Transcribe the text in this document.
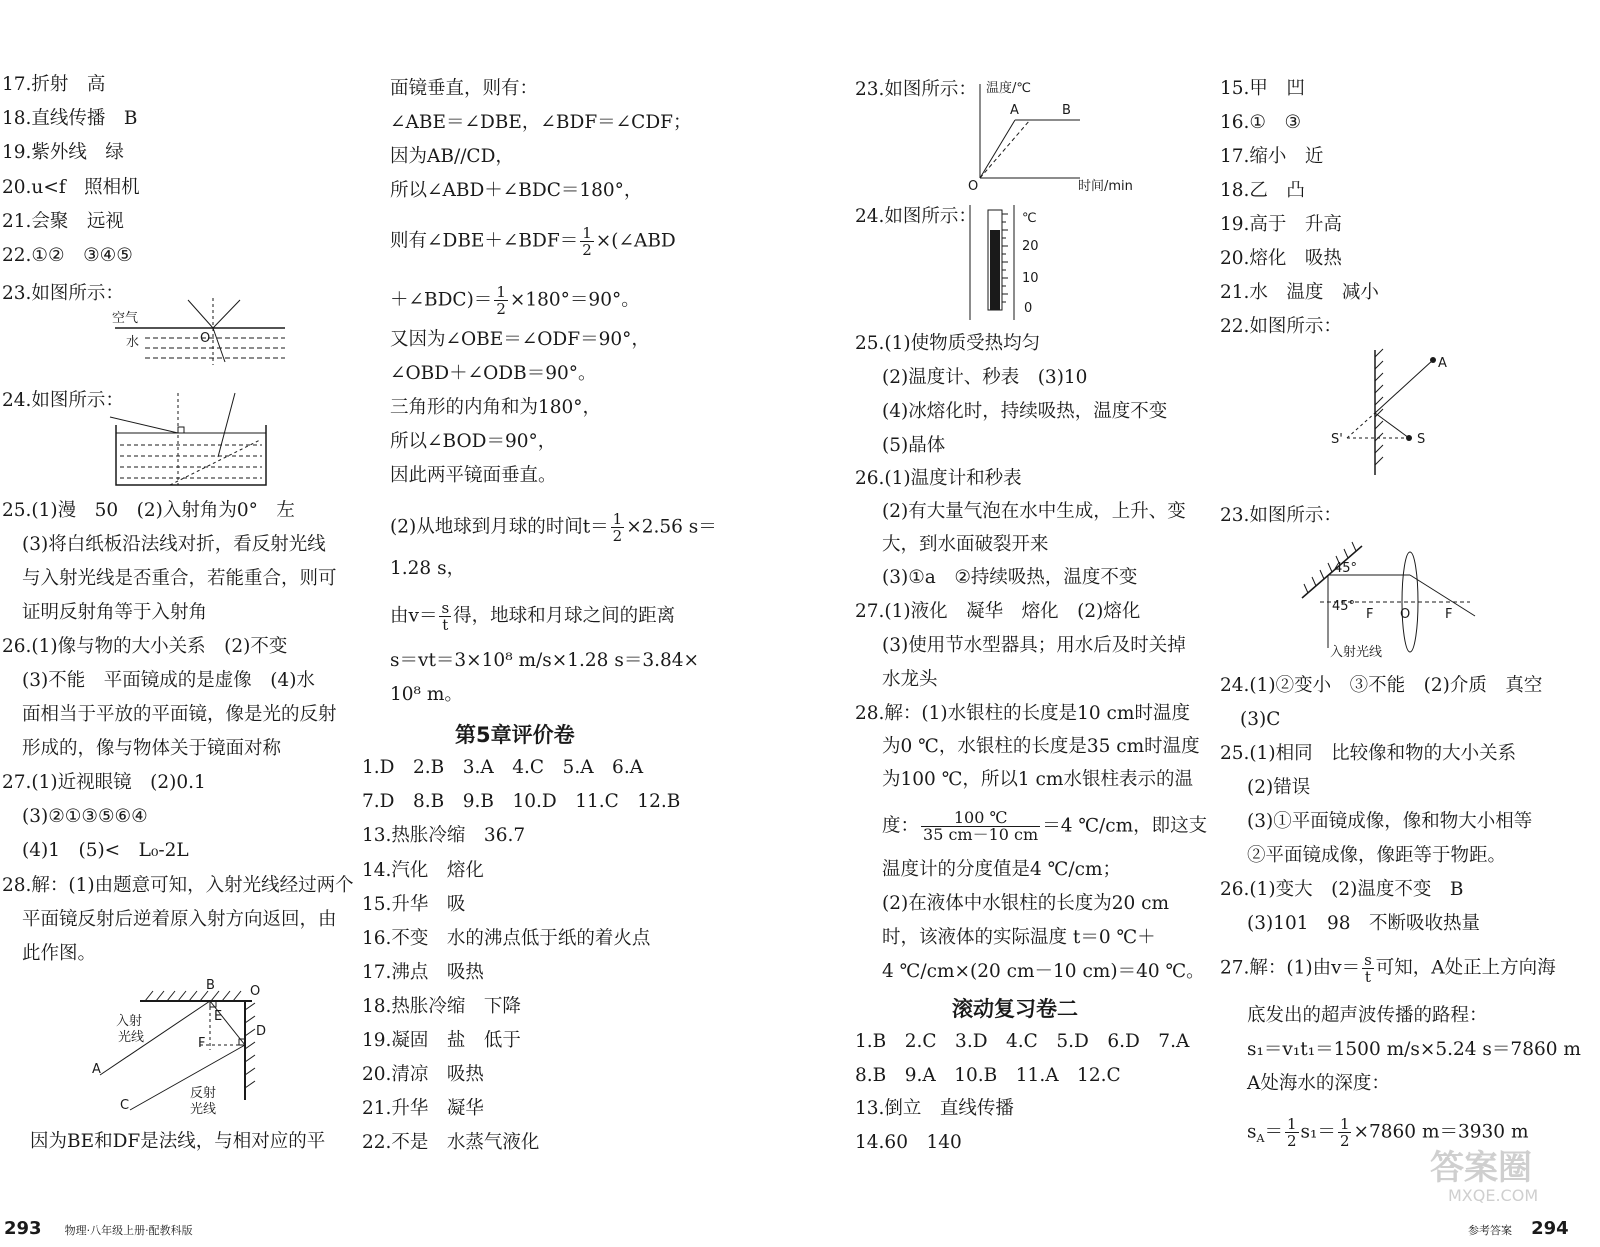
17.折射　高
18.直线传播　B
19.紫外线　绿
20.u<f　照相机
21.会聚　远视
22.①②　③④⑤
23.如图所示：
空气
水	O
24.如图所示：
25.(1)漫　50　(2)入射角为0°　左
(3)将白纸板沿法线对折，看反射光线
与入射光线是否重合，若能重合，则可
证明反射角等于入射角
26.(1)像与物的大小关系　(2)不变
(3)不能　平面镜成的是虚像　(4)水
面相当于平放的平面镜，像是光的反射
形成的，像与物体关于镜面对称
27.(1)近视眼镜　(2)0.1
(3)②①③⑤⑥④
(4)1　(5)<　L₀-2L
28.解：(1)由题意可知，入射光线经过两个
平面镜反射后逆着原入射方向返回，由
此作图。
B	O
E
D
F
A
C
入射
光线
反射
光线
因为BE和DF是法线，与相对应的平
面镜垂直，则有：
∠ABE＝∠DBE，∠BDF＝∠CDF；
因为AB//CD，
所以∠ABD＋∠BDC＝180°，
则有∠DBE＋∠BDF＝ $\frac{1}{2}$ ×(∠ABD
＋∠BDC)＝ $\frac{1}{2} \times 180^\circ=90^\circ$。
又因为∠OBE＝∠ODF＝90°，
∠OBD＋∠ODB＝90°。
三角形的内角和为180°，
所以∠BOD＝90°，
因此两平镜面垂直。
(2)从地球到月球的时间$t= \frac{1}{2} \times 2.56$ s＝
1.28 s，
由$v= \frac{s}{t}$ 得，地球和月球之间的距离
s＝vt＝3×10⁸ m/s×1.28 s＝3.84×
10⁸ m。
第5章评价卷
1.D　2.B　3.A　4.C　5.A　6.A
7.D　8.B　9.B　10.D　11.C　12.B
13.热胀冷缩　36.7
14.汽化　熔化
15.升华　吸
16.不变　水的沸点低于纸的着火点
17.沸点　吸热
18.热胀冷缩　下降
19.凝固　盐　低于
20.清凉　吸热
21.升华　凝华
22.不是　水蒸气液化
23.如图所示： 温度/℃
A	B
O	时间/min
24.如图所示：	℃
20
10
0
25.(1)使物质受热均匀
(2)温度计、秒表　(3)10
(4)冰熔化时，持续吸热，温度不变
(5)晶体
26.(1)温度计和秒表
(2)有大量气泡在水中生成，上升、变
大，到水面破裂开来
(3)①a　②持续吸热，温度不变
27.(1)液化　凝华　熔化　(2)熔化
(3)使用节水型器具；用水后及时关掉
水龙头
28.解：(1)水银柱的长度是10 cm时温度
为0 ℃，水银柱的长度是35 cm时温度
为100 ℃，所以1 cm水银柱表示的温
度： $\frac{100 ℃}{35 cm-10 cm} =4$ ℃/cm，即这支
温度计的分度值是4 ℃/cm；
(2)在液体中水银柱的长度为20 cm
时，该液体的实际温度 t＝0 ℃＋
4 ℃/cm×(20 cm－10 cm)＝40 ℃。
滚动复习卷二
1.B　2.C　3.D　4.C　5.D　6.D　7.A
8.B　9.A　10.B　11.A　12.C
13.倒立　直线传播
14.60　140
15.甲　凹
16.①　③
17.缩小　近
18.乙　凸
19.高于　升高
20.熔化　吸热
21.水　温度　减小
22.如图所示：
A
S'	S
23.如图所示：
45°
45°
F O	F
入射光线
24.(1)②变小　③不能　(2)介质　真空
(3)C
25.(1)相同　比较像和物的大小关系
(2)错误
(3)①平面镜成像，像和物大小相等
②平面镜成像，像距等于物距。
26.(1)变大　(2)温度不变　B
(3)101　98　不断吸收热量
27.解：(1)由$v= \frac{s}{t}$ 可知，A处正上方向海
底发出的超声波传播的路程：
s₁＝v₁t₁＝1500 m/s×5.24 s＝7860 m
A处海水的深度：
$s_A= \frac{1}{2} s_1= \frac{1}{2} \times 7860$ m＝3930 m
答案圈
MXQE.COM
293 物理·八年级上册·配教科版	参考答案 294
